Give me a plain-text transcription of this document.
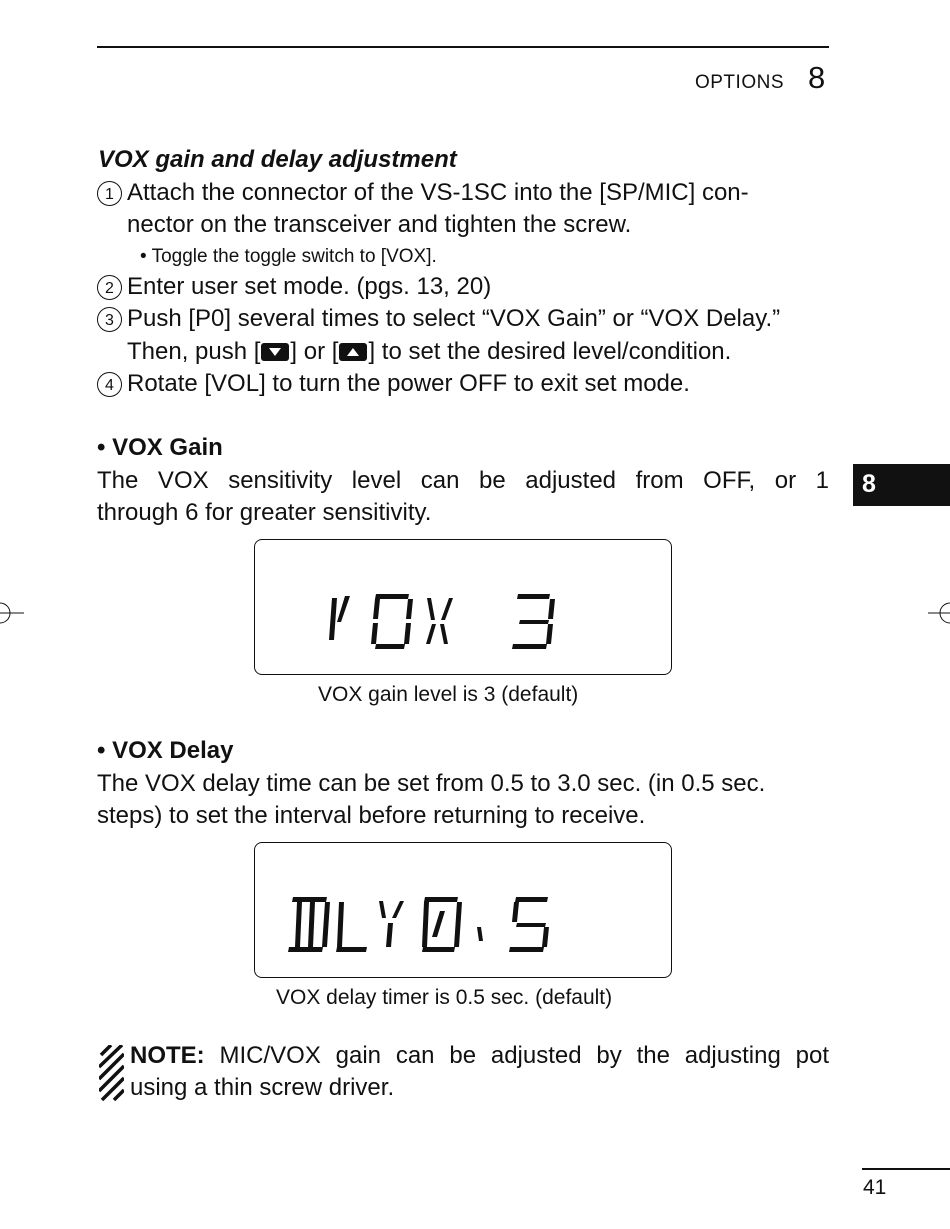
OPTIONS 8
VOX gain and delay adjustment
1 Attach the connector of the VS-1SC into the [SP/MIC] con-
nector on the transceiver and tighten the screw.
• Toggle the toggle switch to [VOX].
2 Enter user set mode. (pgs. 13, 20)
3 Push [P0] several times to select “VOX Gain” or “VOX Delay.”
Then, push [ ] or [ ] to set the desired level/condition.
4 Rotate [VOL] to turn the power OFF to exit set mode.
• VOX Gain
The VOX sensitivity level can be adjusted from OFF, or 1
through 6 for greater sensitivity.
VOX gain level is 3 (default)
• VOX Delay
The VOX delay time can be set from 0.5 to 3.0 sec. (in 0.5 sec.
steps) to set the interval before returning to receive.
VOX delay timer is 0.5 sec. (default)
NOTE: MIC/VOX gain can be adjusted by the adjusting pot
using a thin screw driver.
8
41
